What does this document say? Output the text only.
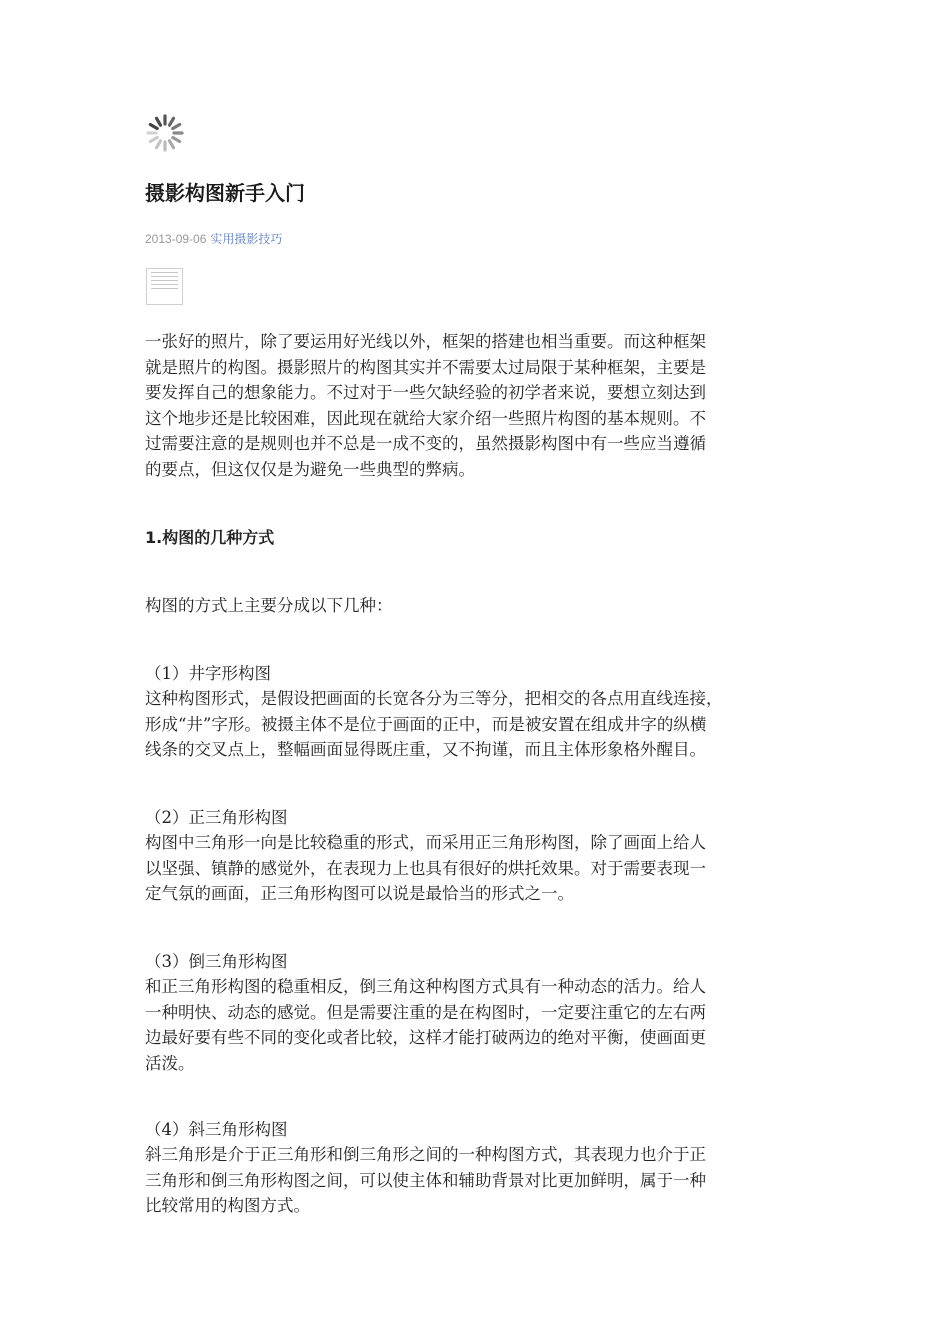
摄影构图新手入门
2013-09-06 实用摄影技巧

一张好的照片，除了要运用好光线以外，框架的搭建也相当重要。而这种框架
就是照片的构图。摄影照片的构图其实并不需要太过局限于某种框架，主要是
要发挥自己的想象能力。不过对于一些欠缺经验的初学者来说，要想立刻达到
这个地步还是比较困难，因此现在就给大家介绍一些照片构图的基本规则。不
过需要注意的是规则也并不总是一成不变的，虽然摄影构图中有一些应当遵循
的要点，但这仅仅是为避免一些典型的弊病。

1.构图的几种方式

构图的方式上主要分成以下几种：

（1）井字形构图

这种构图形式，是假设把画面的长宽各分为三等分，把相交的各点用直线连接，
形成“井”字形。被摄主体不是位于画面的正中，而是被安置在组成井字的纵横
线条的交叉点上，整幅画面显得既庄重，又不拘谨，而且主体形象格外醒目。

（2）正三角形构图

构图中三角形一向是比较稳重的形式，而采用正三角形构图，除了画面上给人
以坚强、镇静的感觉外，在表现力上也具有很好的烘托效果。对于需要表现一
定气氛的画面，正三角形构图可以说是最恰当的形式之一。

（3）倒三角形构图

和正三角形构图的稳重相反，倒三角这种构图方式具有一种动态的活力。给人
一种明快、动态的感觉。但是需要注重的是在构图时，一定要注重它的左右两
边最好要有些不同的变化或者比较，这样才能打破两边的绝对平衡，使画面更
活泼。

（4）斜三角形构图

斜三角形是介于正三角形和倒三角形之间的一种构图方式，其表现力也介于正
三角形和倒三角形构图之间，可以使主体和辅助背景对比更加鲜明，属于一种
比较常用的构图方式。
